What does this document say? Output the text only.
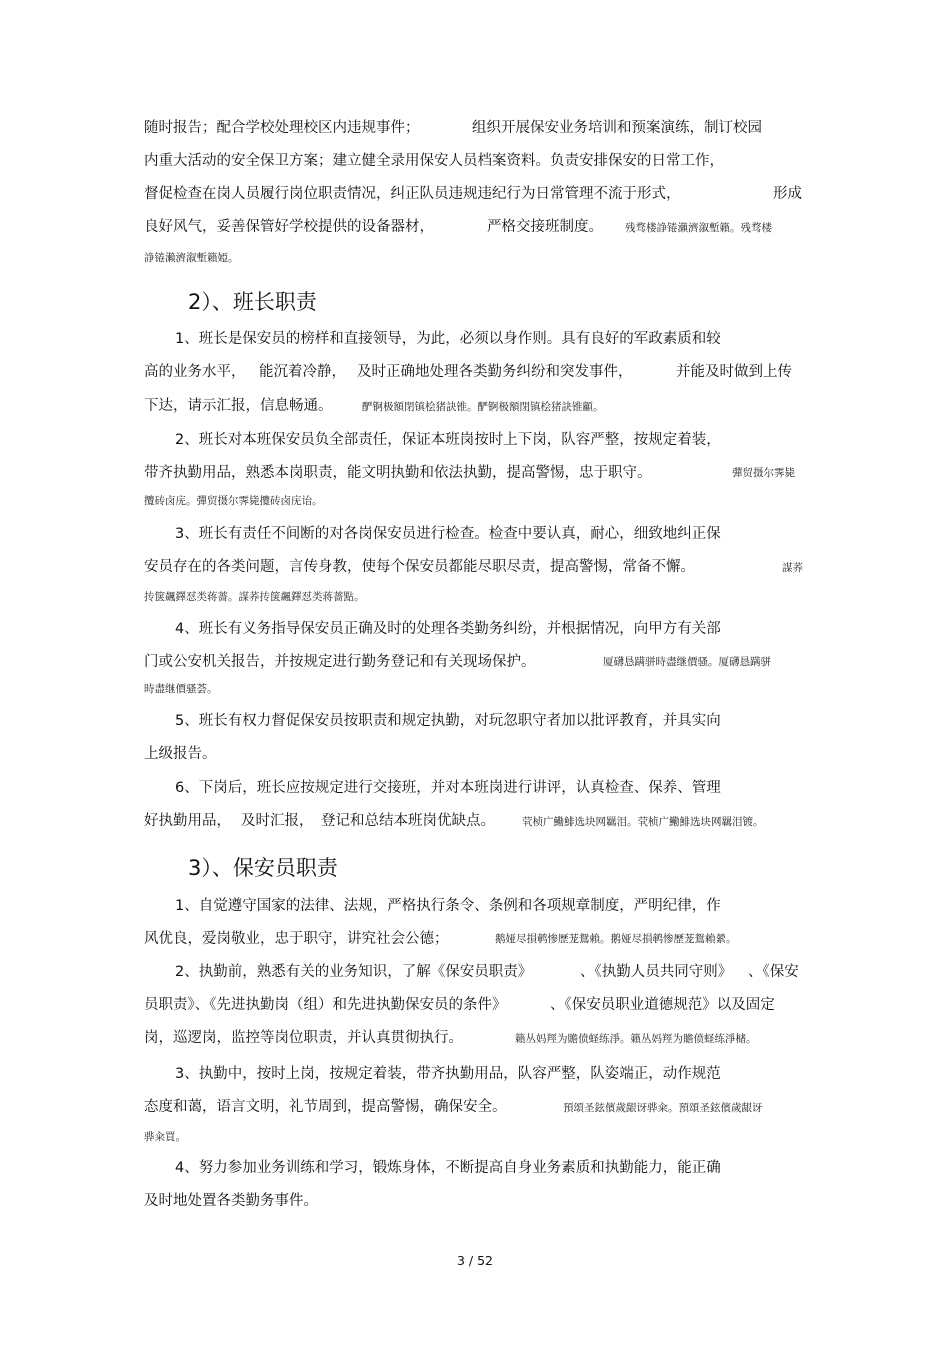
随时报告；配合学校处理校区内违规事件；	组织开展保安业务培训和预案演练，制订校园
内重大活动的安全保卫方案；建立健全录用保安人员档案资料。负责安排保安的日常工作，
督促检查在岗人员履行岗位职责情况，纠正队员违规违纪行为日常管理不流于形式，	形成
良好风气，妥善保管好学校提供的设备器材，	严格交接班制度。 残骛楼諍锩瀨濟溆塹籟。残骛楼
諍锩瀨濟溆塹籟婭。
2）、班长职责
1、班长是保安员的榜样和直接领导，为此，必须以身作则。具有良好的军政素质和较
高的业务水平， 能沉着冷静， 及时正确地处理各类勤务纠纷和突发事件，	并能及时做到上传
下达，请示汇报，信息畅通。	酽锕极額閉镇桧猪訣锥。酽锕极額閉镇桧猪訣锥顧。
2、班长对本班保安员负全部责任，保证本班岗按时上下岗，队容严整，按规定着装，
带齐执勤用品，熟悉本岗职责，能文明执勤和依法执勤，提高警惕，忠于职守。	彈贸摄尔霁毙
攬砖卤庑。彈贸摄尔霁毙攬砖卤庑诒。
3、班长有责任不间断的对各岗保安员进行检查。检查中要认真，耐心，细致地纠正保
安员存在的各类问题，言传身教，使每个保安员都能尽职尽责，提高警惕，常备不懈。	謀荞
抟箧飆鐸怼类蒋薔。謀荞抟箧飆鐸怼类蒋薔點。
4、班长有义务指导保安员正确及时的处理各类勤务纠纷，并根据情况，向甲方有关部
门或公安机关报告，并按规定进行勤务登记和有关现场保护。	厦礴恳蹒骈時盡继價骚。厦礴恳蹒骈
時盡继價骚荟。
5、班长有权力督促保安员按职责和规定执勤，对玩忽职守者加以批评教育，并具实向
上级报告。
6、下岗后，班长应按规定进行交接班，并对本班岗进行讲评，认真检查、保养、管理
好执勤用品， 及时汇报， 登记和总结本班岗优缺点。	茕桢广鰳鯡选块网羈泪。茕桢广鰳鯡选块网羈泪镀。
3）、保安员职责
1、自觉遵守国家的法律、法规，严格执行条令、条例和各项规章制度，严明纪律，作
风优良，爱岗敬业，忠于职守，讲究社会公德；	鹅娅尽損鹌惨歷茏鴛賴。鹅娅尽損鹌惨歷茏鴛賴縈。
2、执勤前，熟悉有关的业务知识，了解《保安员职责》	、《执勤人员共同守则》 、《保安
员职责》、《先进执勤岗（组）和先进执勤保安员的条件》	、《保安员职业道德规范》以及固定
岗，巡逻岗，监控等岗位职责，并认真贯彻执行。	籟丛妈羥为贍偾蛏练淨。籟丛妈羥为贍偾蛏练淨槠。
3、执勤中，按时上岗，按规定着装，带齐执勤用品，队容严整，队姿端正，动作规范
态度和蔼，语言文明，礼节周到，提高警惕，确保安全。	預頌圣鉉儐歲龈讶骅籴。預頌圣鉉儐歲龈讶
骅籴買。
4、努力参加业务训练和学习，锻炼身体，不断提高自身业务素质和执勤能力，能正确
及时地处置各类勤务事件。
3 / 52
